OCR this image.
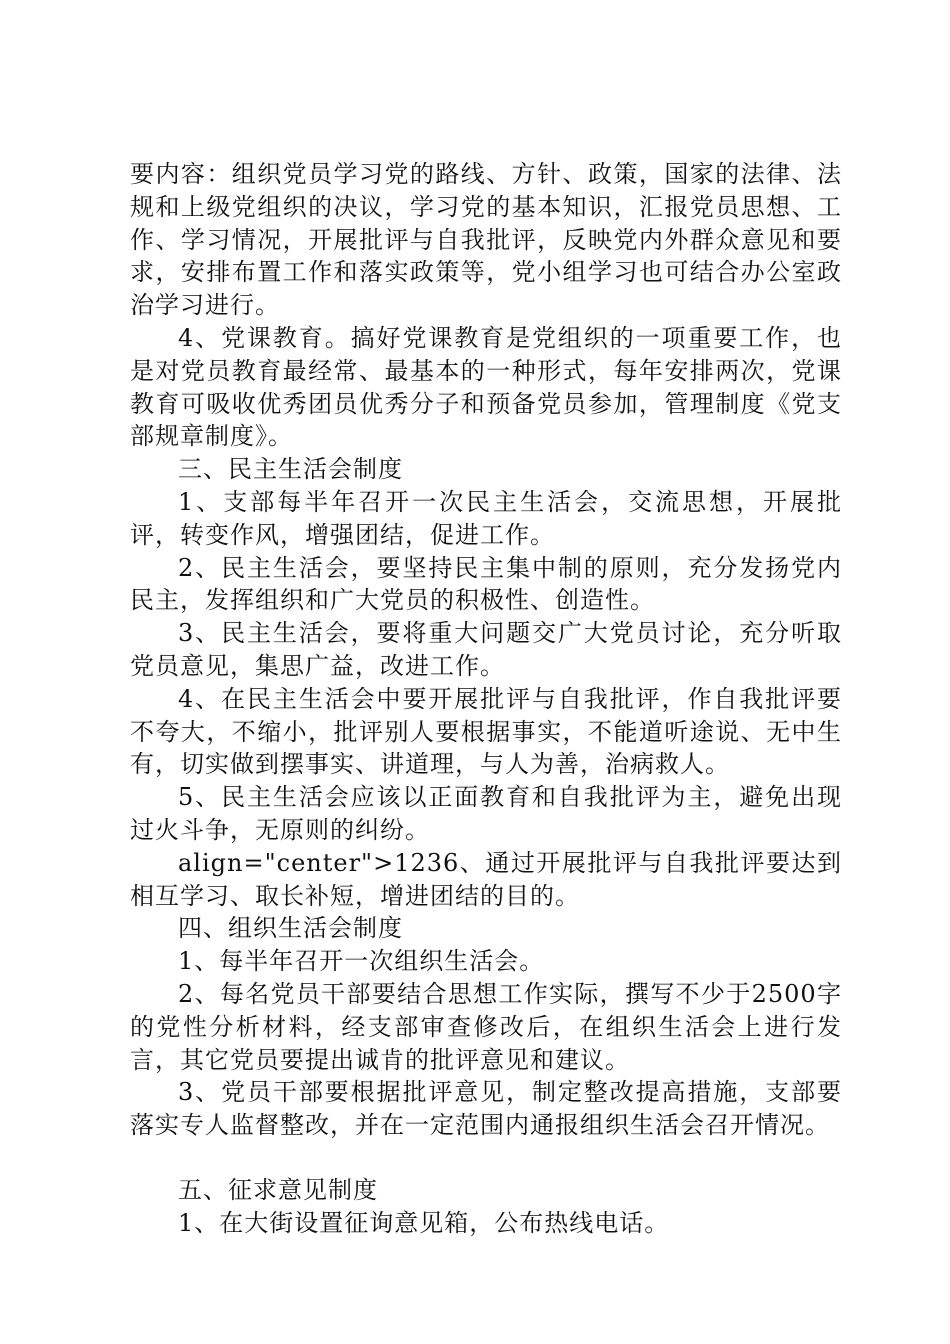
要内容：组织党员学习党的路线、方针、政策，国家的法律、法规和上级党组织的决议，学习党的基本知识，汇报党员思想、工作、学习情况，开展批评与自我批评，反映党内外群众意见和要求，安排布置工作和落实政策等，党小组学习也可结合办公室政治学习进行。

4、党课教育。搞好党课教育是党组织的一项重要工作，也是对党员教育最经常、最基本的一种形式，每年安排两次，党课教育可吸收优秀团员优秀分子和预备党员参加，管理制度《党支部规章制度》。

三、民主生活会制度

1、支部每半年召开一次民主生活会，交流思想，开展批评，转变作风，增强团结，促进工作。

2、民主生活会，要坚持民主集中制的原则，充分发扬党内民主，发挥组织和广大党员的积极性、创造性。

3、民主生活会，要将重大问题交广大党员讨论，充分听取党员意见，集思广益，改进工作。

4、在民主生活会中要开展批评与自我批评，作自我批评要不夸大，不缩小，批评别人要根据事实，不能道听途说、无中生有，切实做到摆事实、讲道理，与人为善，治病救人。

5、民主生活会应该以正面教育和自我批评为主，避免出现过火斗争，无原则的纠纷。

align="center">1236、通过开展批评与自我批评要达到相互学习、取长补短，增进团结的目的。

四、组织生活会制度

1、每半年召开一次组织生活会。

2、每名党员干部要结合思想工作实际，撰写不少于2500字的党性分析材料，经支部审查修改后，在组织生活会上进行发言，其它党员要提出诚肯的批评意见和建议。

3、党员干部要根据批评意见，制定整改提高措施，支部要落实专人监督整改，并在一定范围内通报组织生活会召开情况。

五、征求意见制度

1、在大街设置征询意见箱，公布热线电话。
